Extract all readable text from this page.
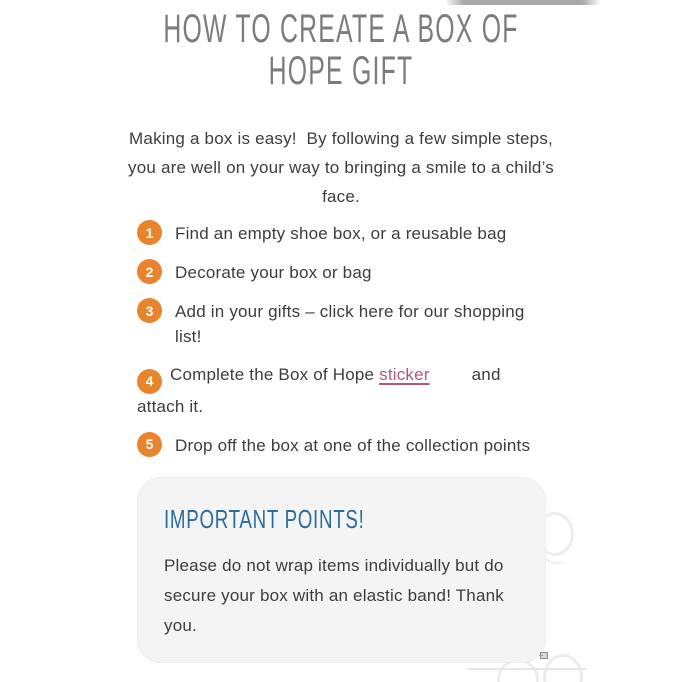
HOW TO CREATE A BOX OF
HOPE GIFT

Making a box is easy!  By following a few simple steps, you are well on your way to bringing a smile to a child’s face.

1	Find an empty shoe box, or a reusable bag
2	Decorate your box or bag
3	Add in your gifts – click here for our shopping list!
4 Complete the Box of Hope sticker and attach it.
5	Drop off the box at one of the collection points
IMPORTANT POINTS!

Please do not wrap items individually but do secure your box with an elastic band! Thank you.
